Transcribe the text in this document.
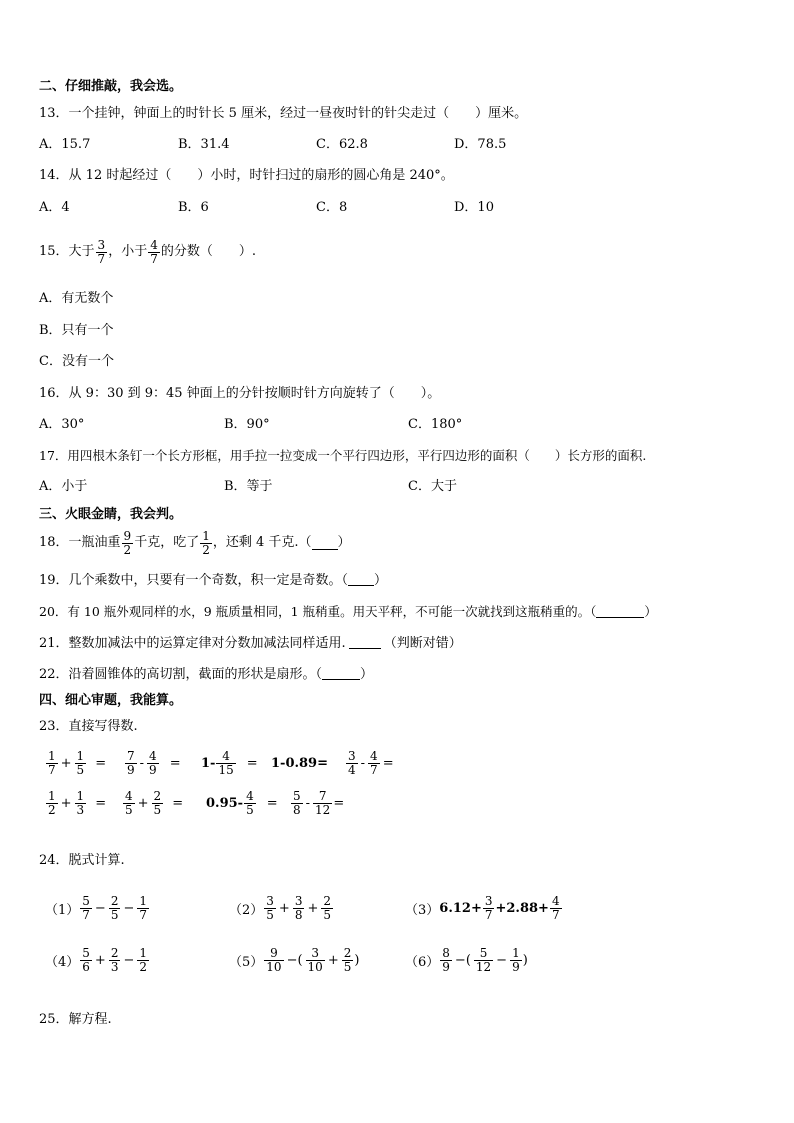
二、仔细推敲，我会选。
13．一个挂钟，钟面上的时针长 5 厘米，经过一昼夜时针的针尖走过（　　）厘米。
A．15.7	B．31.4	C．62.8	D．78.5
14．从 12 时起经过（　　）小时，时针扫过的扇形的圆心角是 240°。
A．4	B．6	C．8	D．10
15．大于 $\frac{3}{7}$ ，小于 $\frac{4}{7}$ 的分数（　　）.
A．有无数个
B．只有一个
C．没有一个
16．从 9：30 到 9：45 钟面上的分针按顺时针方向旋转了（　　）。
A．30°	B．90°	C．180°
17．用四根木条钉一个长方形框，用手拉一拉变成一个平行四边形，平行四边形的面积（　　）长方形的面积.
A．小于	B．等于	C．大于
三、火眼金睛，我会判。
18．一瓶油重 $\frac{9}{2}$ 千克，吃了 $\frac{1}{2}$ ，还剩 4 千克.（ ）
19．几个乘数中，只要有一个奇数，积一定是奇数。（ ）
20．有 10 瓶外观同样的水，9 瓶质量相同，1 瓶稍重。用天平秤，不可能一次就找到这瓶稍重的。（	）
21．整数加减法中的运算定律对分数加减法同样适用.	（判断对错）
22．沿着圆锥体的高切割，截面的形状是扇形。（	）
四、细心审题，我能算。
23．直接写得数.
$\frac{1}{7} + \frac{1}{5} = \frac{7}{9} - \frac{4}{9} = 1- \frac{4}{15} = 1-0.89= \frac{3}{4} - \frac{4}{7}$ =
$\frac{1}{2} + \frac{1}{3} = \frac{4}{5} + \frac{2}{5} = 0.95- \frac{4}{5} = \frac{5}{8} - \frac{7}{12}$ =
24．脱式计算.
$(1) \frac{5}{7} - \frac{2}{5} - \frac{1}{7}$	$(2) \frac{3}{5} + \frac{3}{8} + \frac{2}{5}$	（3） $6.12+ \frac{3}{7} +2.88+ \frac{4}{7}$
$(4) \frac{5}{6} + \frac{2}{3} - \frac{1}{2}$	$(5) \frac{9}{10}$ −( $\frac{3}{10} + \frac{2}{5}$ )	$(6) \frac{8}{9}$ −( $\frac{5}{12} - \frac{1}{9}$ )
25．解方程.
